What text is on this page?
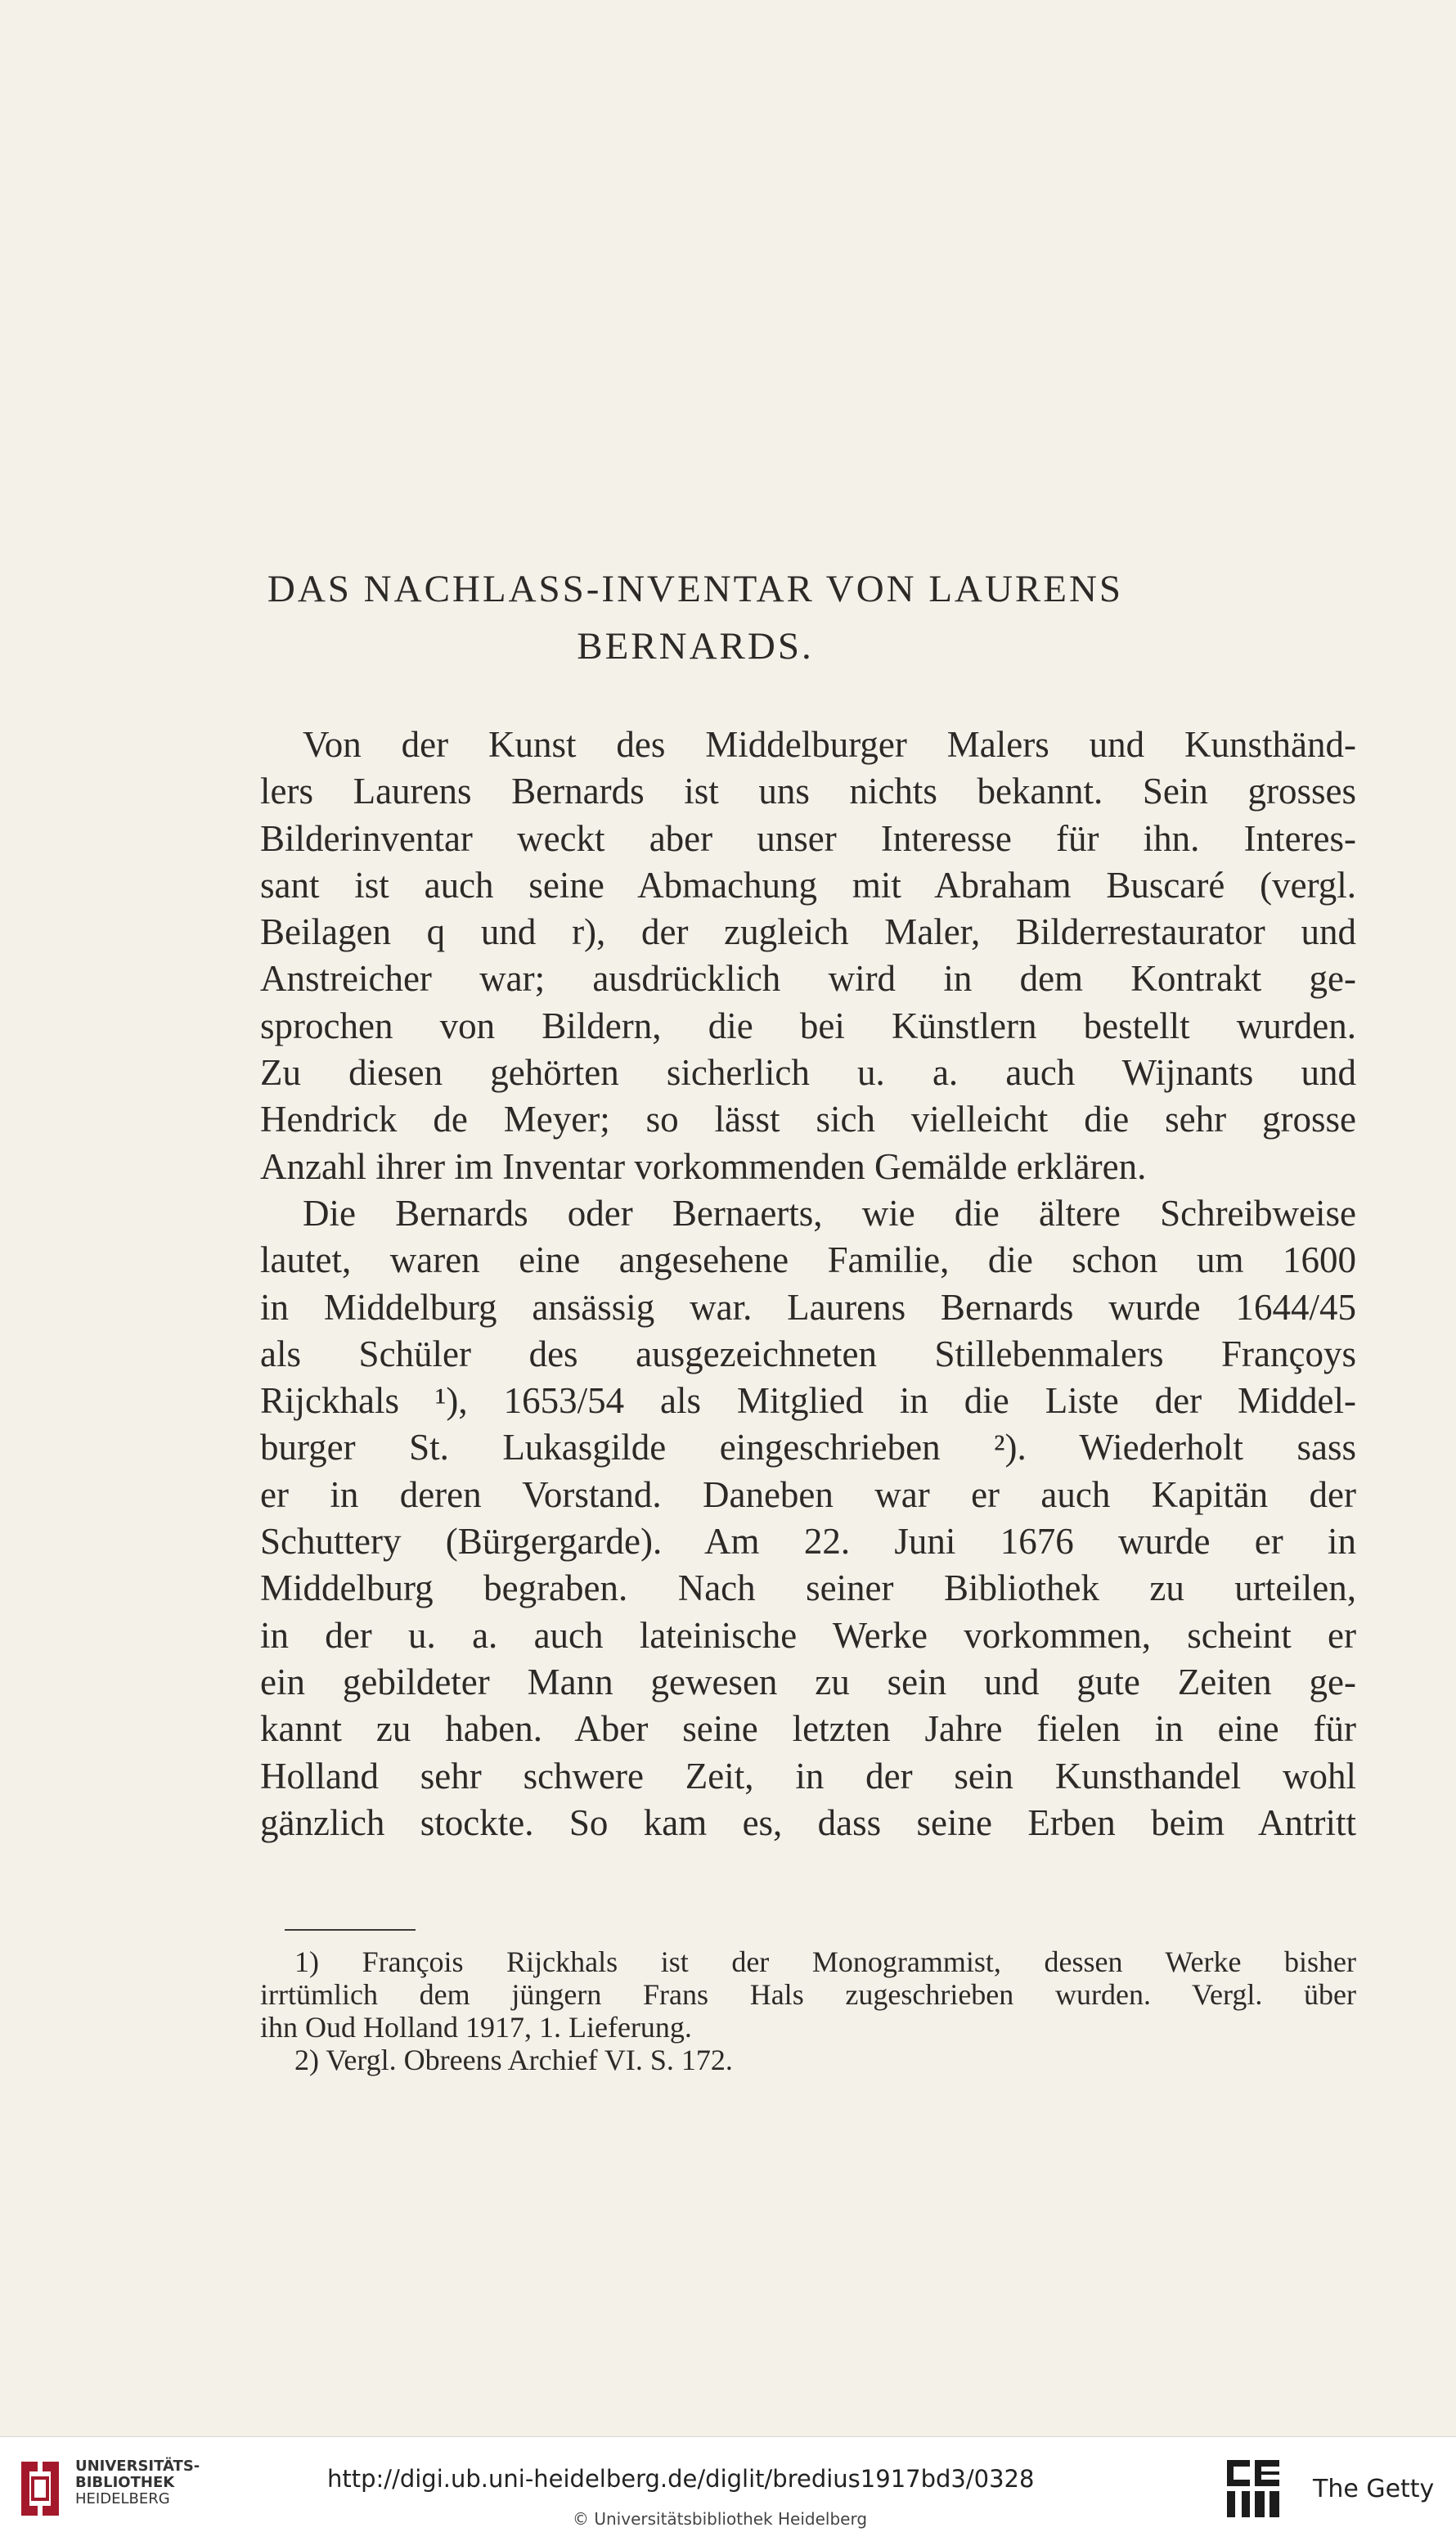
DAS NACHLASS-INVENTAR VON LAURENS
BERNARDS.
Von der Kunst des Middelburger Malers und Kunsthänd-
lers Laurens Bernards ist uns nichts bekannt. Sein grosses
Bilderinventar weckt aber unser Interesse für ihn. Interes-
sant ist auch seine Abmachung mit Abraham Buscaré (vergl.
Beilagen q und r), der zugleich Maler, Bilderrestaurator und
Anstreicher war; ausdrücklich wird in dem Kontrakt ge-
sprochen von Bildern, die bei Künstlern bestellt wurden.
Zu diesen gehörten sicherlich u. a. auch Wijnants und
Hendrick de Meyer; so lässt sich vielleicht die sehr grosse
Anzahl ihrer im Inventar vorkommenden Gemälde erklären.
Die Bernards oder Bernaerts, wie die ältere Schreibweise
lautet, waren eine angesehene Familie, die schon um 1600
in Middelburg ansässig war. Laurens Bernards wurde 1644/45
als Schüler des ausgezeichneten Stillebenmalers Françoys
Rijckhals ¹), 1653/54 als Mitglied in die Liste der Middel-
burger St. Lukasgilde eingeschrieben ²). Wiederholt sass
er in deren Vorstand. Daneben war er auch Kapitän der
Schuttery (Bürgergarde). Am 22. Juni 1676 wurde er in
Middelburg begraben. Nach seiner Bibliothek zu urteilen,
in der u. a. auch lateinische Werke vorkommen, scheint er
ein gebildeter Mann gewesen zu sein und gute Zeiten ge-
kannt zu haben. Aber seine letzten Jahre fielen in eine für
Holland sehr schwere Zeit, in der sein Kunsthandel wohl
gänzlich stockte. So kam es, dass seine Erben beim Antritt
1) François Rijckhals ist der Monogrammist, dessen Werke bisher
irrtümlich dem jüngern Frans Hals zugeschrieben wurden. Vergl. über
ihn Oud Holland 1917, 1. Lieferung.
2) Vergl. Obreens Archief VI. S. 172.
UNIVERSITÄTS-
BIBLIOTHEK
HEIDELBERG
http://digi.ub.uni-heidelberg.de/diglit/bredius1917bd3/0328
© Universitätsbibliothek Heidelberg
The Getty
